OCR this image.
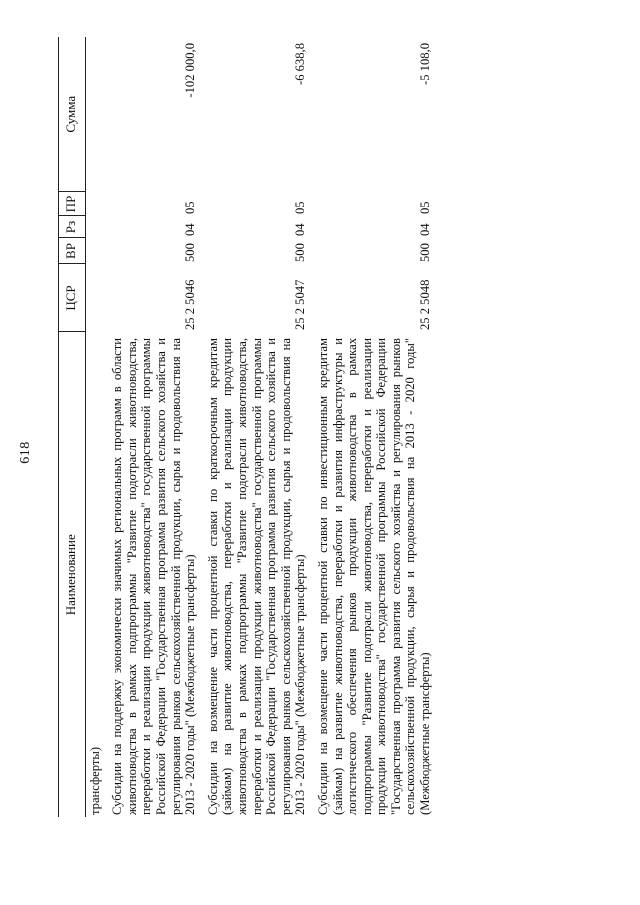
618
Наименование	ЦСР	ВР	Рз	ПР	Сумма
трансферты)					
Субсидии на поддержку экономически значимых региональных программ в области животноводства в рамках подпрограммы "Развитие подотрасли животноводства, переработки и реализации продукции животноводства" государственной программы Российской Федерации "Государственная программа развития сельского хозяйства и регулирования рынков сельскохозяйственной продукции, сырья и продовольствия на 2013 - 2020 годы" (Межбюджетные трансферты)	25 2 5046	500	04	05	-102 000,0
Субсидии на возмещение части процентной ставки по краткосрочным кредитам (займам) на развитие животноводства, переработки и реализации продукции животноводства в рамках подпрограммы "Развитие подотрасли животноводства, переработки и реализации продукции животноводства" государственной программы Российской Федерации "Государственная программа развития сельского хозяйства и регулирования рынков сельскохозяйственной продукции, сырья и продовольствия на 2013 - 2020 годы" (Межбюджетные трансферты)	25 2 5047	500	04	05	-6 638,8
Субсидии на возмещение части процентной ставки по инвестиционным кредитам (займам) на развитие животноводства, переработки и развития инфраструктуры и логистического обеспечения рынков продукции животноводства в рамках подпрограммы "Развитие подотрасли животноводства, переработки и реализации продукции животноводства" государственной программы Российской Федерации "Государственная программа развития сельского хозяйства и регулирования рынков сельскохозяйственной продукции, сырья и продовольствия на 2013 - 2020 годы" (Межбюджетные трансферты)	25 2 5048	500	04	05	-5 108,0
